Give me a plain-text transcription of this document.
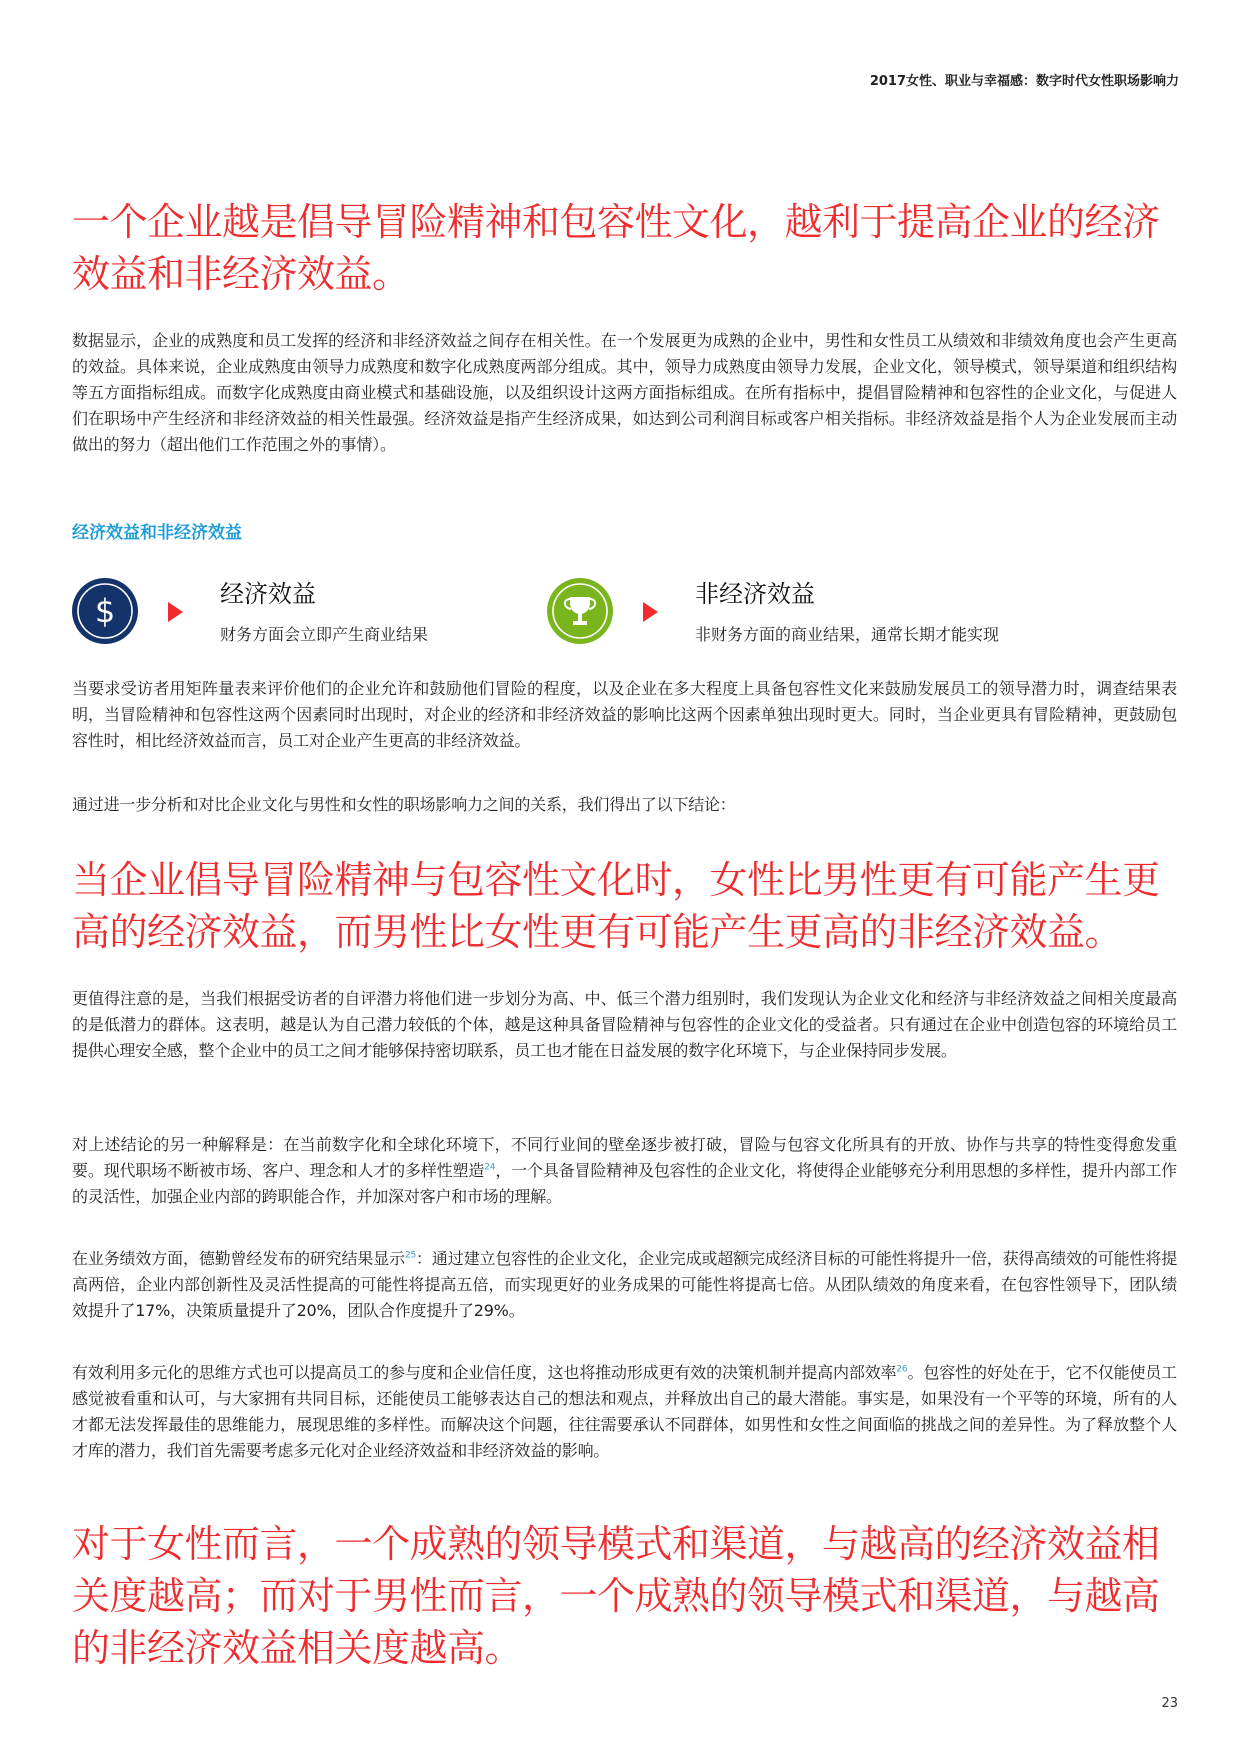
2017女性、职业与幸福感：数字时代女性职场影响力
一个企业越是倡导冒险精神和包容性文化，越利于提高企业的经济效益和非经济效益。

数据显示，企业的成熟度和员工发挥的经济和非经济效益之间存在相关性。在一个发展更为成熟的企业中，男性和女性员工从绩效和非绩效角度也会产生更高的效益。具体来说，企业成熟度由领导力成熟度和数字化成熟度两部分组成。其中，领导力成熟度由领导力发展，企业文化，领导模式，领导渠道和组织结构等五方面指标组成。而数字化成熟度由商业模式和基础设施，以及组织设计这两方面指标组成。在所有指标中，提倡冒险精神和包容性的企业文化，与促进人们在职场中产生经济和非经济效益的相关性最强。经济效益是指产生经济成果，如达到公司利润目标或客户相关指标。非经济效益是指个人为企业发展而主动做出的努力（超出他们工作范围之外的事情）。

经济效益和非经济效益
$	经济效益
财务方面会立即产生商业结果
非经济效益
非财务方面的商业结果，通常长期才能实现

当要求受访者用矩阵量表来评价他们的企业允许和鼓励他们冒险的程度，以及企业在多大程度上具备包容性文化来鼓励发展员工的领导潜力时，调查结果表明，当冒险精神和包容性这两个因素同时出现时，对企业的经济和非经济效益的影响比这两个因素单独出现时更大。同时，当企业更具有冒险精神，更鼓励包容性时，相比经济效益而言，员工对企业产生更高的非经济效益。

通过进一步分析和对比企业文化与男性和女性的职场影响力之间的关系，我们得出了以下结论：

当企业倡导冒险精神与包容性文化时，女性比男性更有可能产生更高的经济效益，而男性比女性更有可能产生更高的非经济效益。

更值得注意的是，当我们根据受访者的自评潜力将他们进一步划分为高、中、低三个潜力组别时，我们发现认为企业文化和经济与非经济效益之间相关度最高的是低潜力的群体。这表明，越是认为自己潜力较低的个体，越是这种具备冒险精神与包容性的企业文化的受益者。只有通过在企业中创造包容的环境给员工提供心理安全感，整个企业中的员工之间才能够保持密切联系，员工也才能在日益发展的数字化环境下，与企业保持同步发展。

对上述结论的另一种解释是：在当前数字化和全球化环境下，不同行业间的壁垒逐步被打破，冒险与包容文化所具有的开放、协作与共享的特性变得愈发重要。现代职场不断被市场、客户、理念和人才的多样性塑造$^{24}$，一个具备冒险精神及包容性的企业文化，将使得企业能够充分利用思想的多样性，提升内部工作的灵活性，加强企业内部的跨职能合作，并加深对客户和市场的理解。

在业务绩效方面，德勤曾经发布的研究结果显示$^{25}$：通过建立包容性的企业文化，企业完成或超额完成经济目标的可能性将提升一倍，获得高绩效的可能性将提高两倍，企业内部创新性及灵活性提高的可能性将提高五倍，而实现更好的业务成果的可能性将提高七倍。从团队绩效的角度来看，在包容性领导下，团队绩效提升了17%，决策质量提升了20%，团队合作度提升了29%。

有效利用多元化的思维方式也可以提高员工的参与度和企业信任度，这也将推动形成更有效的决策机制并提高内部效率$^{26}$。包容性的好处在于，它不仅能使员工感觉被看重和认可，与大家拥有共同目标，还能使员工能够表达自己的想法和观点，并释放出自己的最大潜能。事实是，如果没有一个平等的环境，所有的人才都无法发挥最佳的思维能力，展现思维的多样性。而解决这个问题，往往需要承认不同群体，如男性和女性之间面临的挑战之间的差异性。为了释放整个人才库的潜力，我们首先需要考虑多元化对企业经济效益和非经济效益的影响。

对于女性而言，一个成熟的领导模式和渠道，与越高的经济效益相关度越高；而对于男性而言，一个成熟的领导模式和渠道，与越高的非经济效益相关度越高。
23
